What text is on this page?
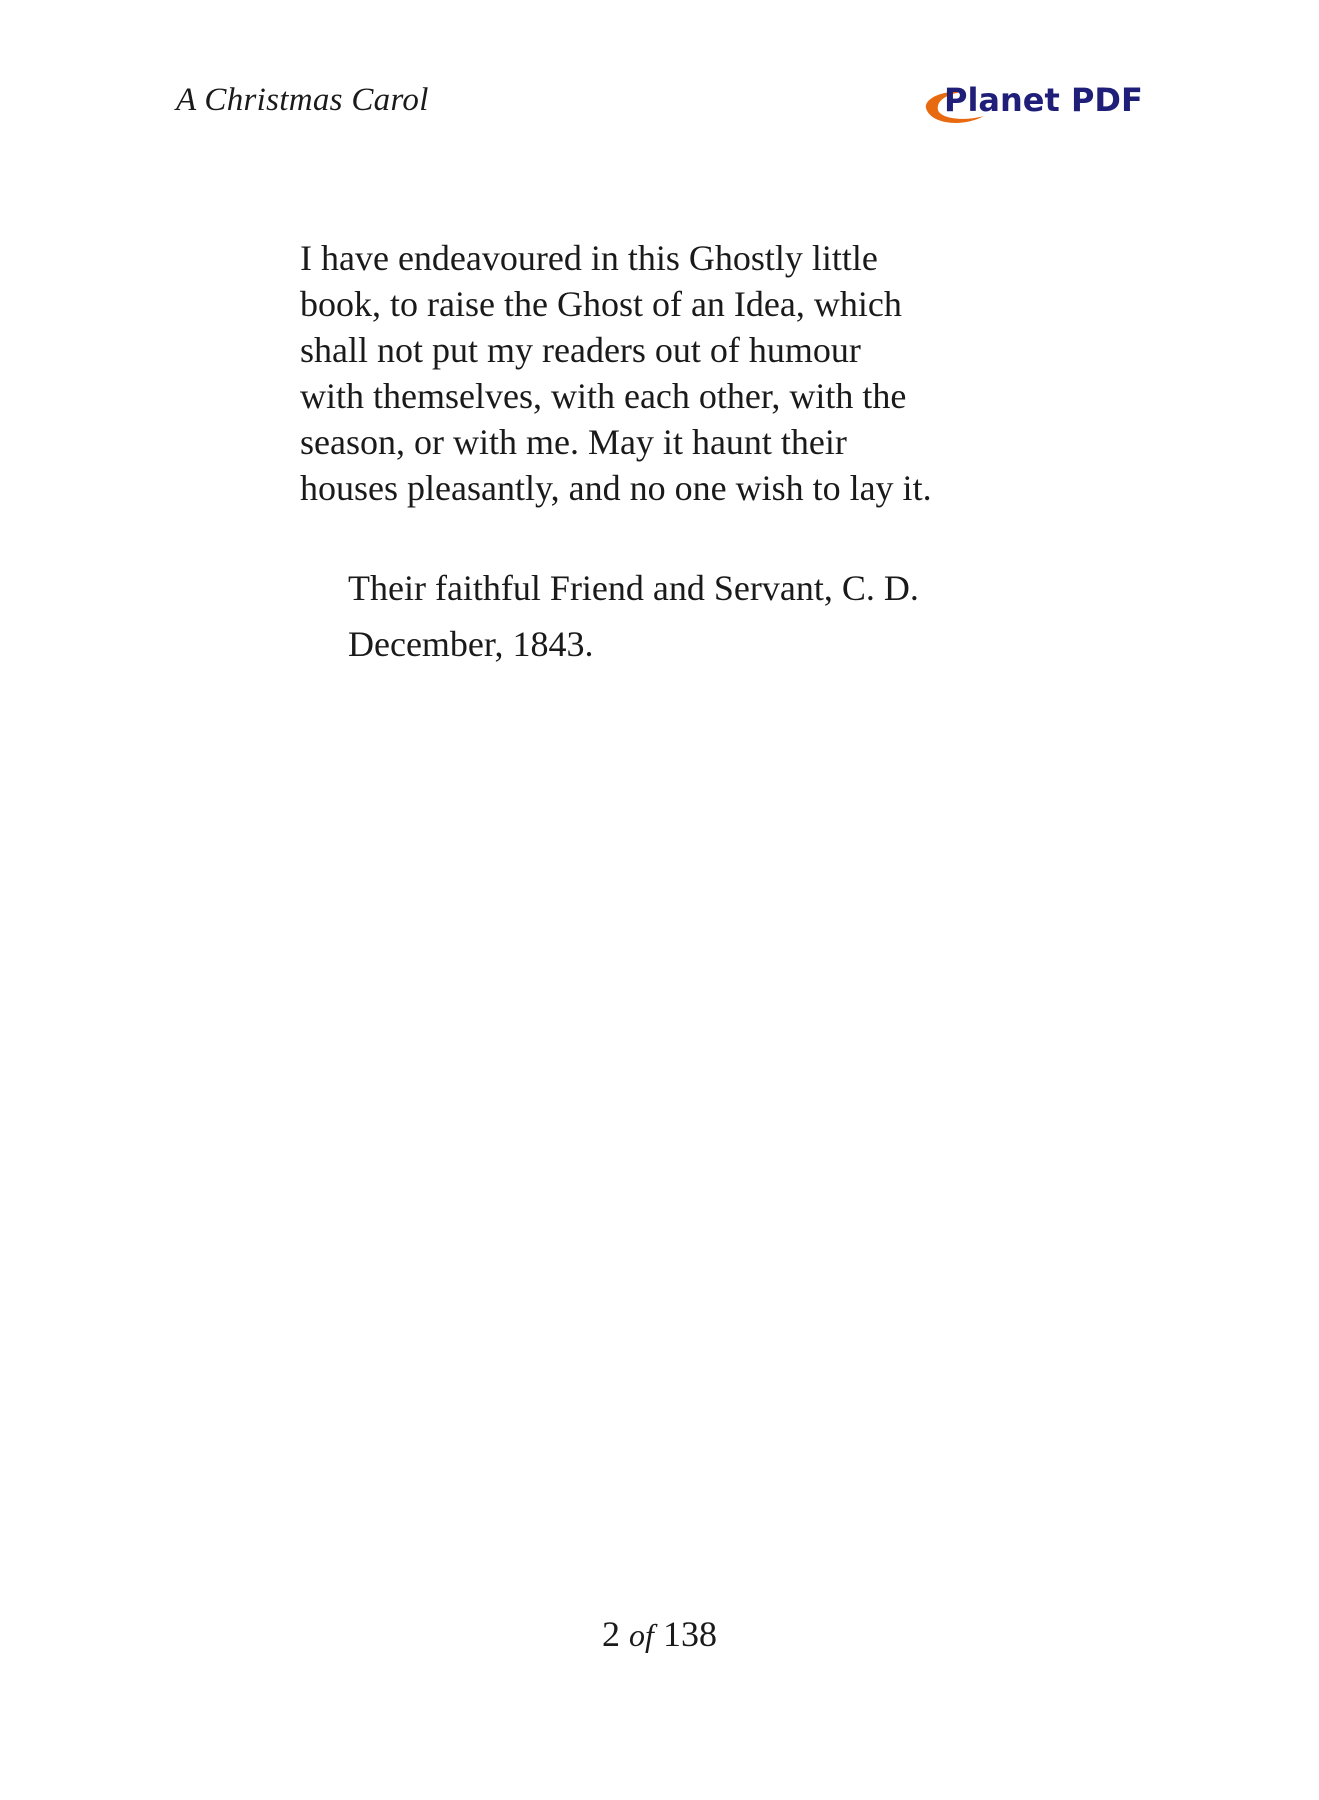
A Christmas Carol	Planet PDF

I have endeavoured in this Ghostly little
book, to raise the Ghost of an Idea, which
shall not put my readers out of humour
with themselves, with each other, with the
season, or with me. May it haunt their
houses pleasantly, and no one wish to lay it.

Their faithful Friend and Servant, C. D.
December, 1843.
2 of 138
